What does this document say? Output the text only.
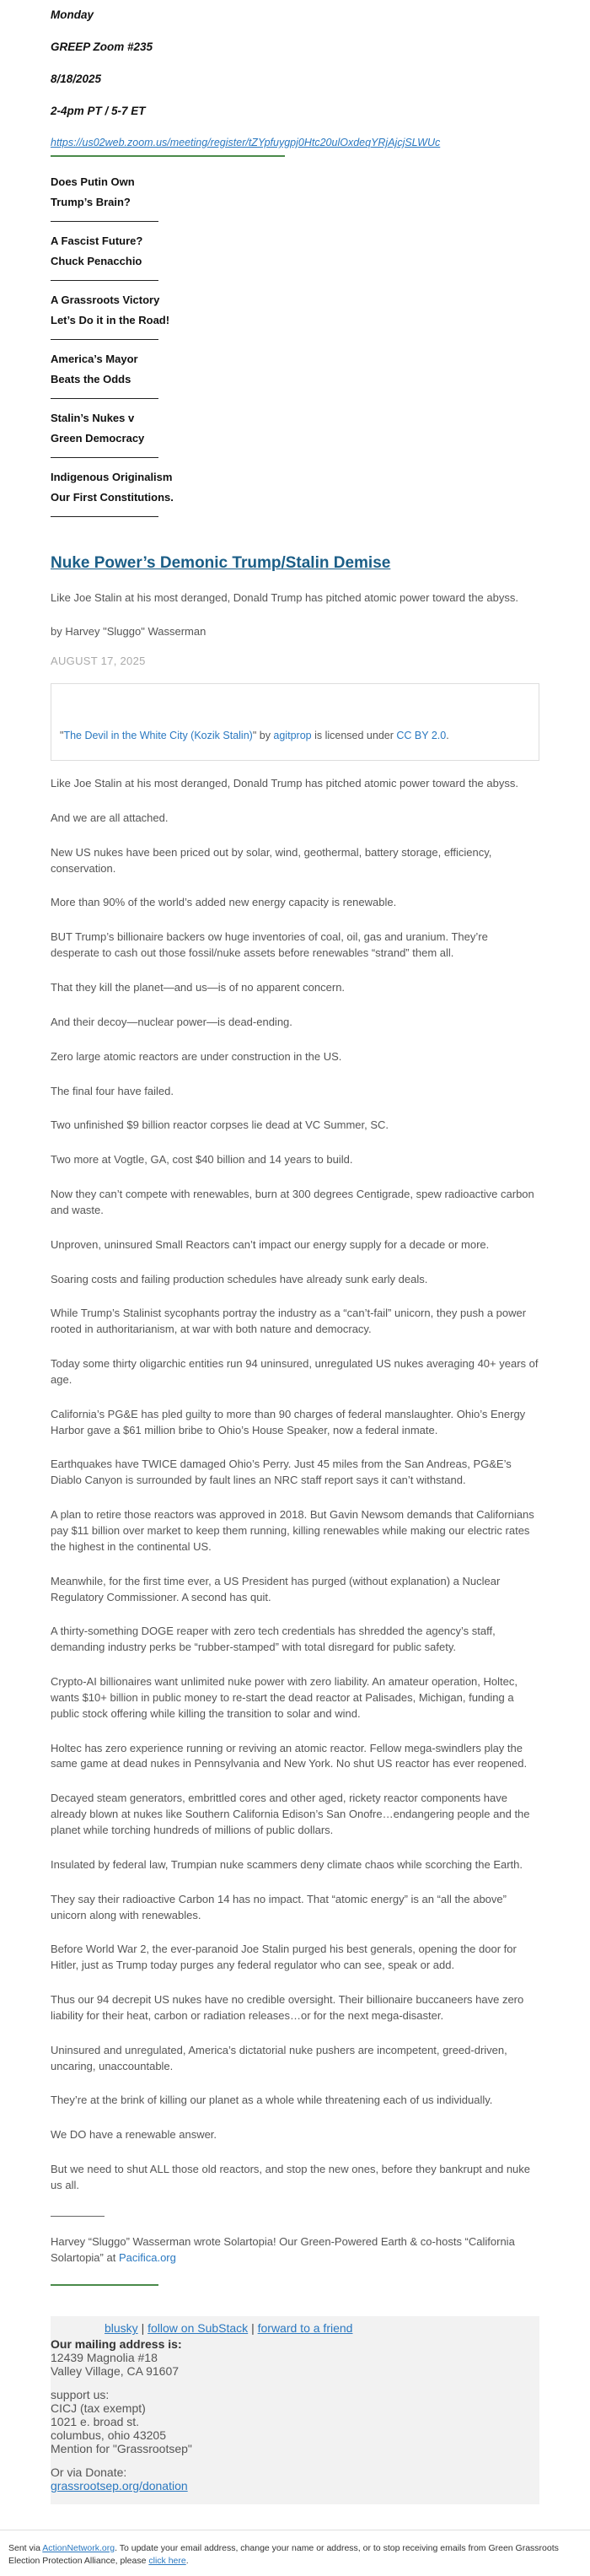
Monday

GREEP Zoom #235

8/18/2025

2-4pm PT / 5-7 ET

https://us02web.zoom.us/meeting/register/tZYpfuygpj0Htc20ulOxdeqYRjAjcjSLWUc
Does Putin Own
Trump’s Brain?
A Fascist Future?
Chuck Penacchio
A Grassroots Victory
Let’s Do it in the Road!
America’s Mayor
Beats the Odds
Stalin’s Nukes v
Green Democracy
Indigenous Originalism
Our First Constitutions.
Nuke Power’s Demonic Trump/Stalin Demise

Like Joe Stalin at his most deranged, Donald Trump has pitched atomic power toward the abyss.

by Harvey "Sluggo" Wasserman

AUGUST 17, 2025

"The Devil in the White City (Kozik Stalin)" by agitprop is licensed under CC BY 2.0.

Like Joe Stalin at his most deranged, Donald Trump has pitched atomic power toward the abyss.

And we are all attached.

New US nukes have been priced out by solar, wind, geothermal, battery storage, efficiency, conservation.

More than 90% of the world’s added new energy capacity is renewable.

BUT Trump’s billionaire backers ow huge inventories of coal, oil, gas and uranium. They’re desperate to cash out those fossil/nuke assets before renewables “strand” them all.

That they kill the planet—and us—is of no apparent concern.

And their decoy—nuclear power—is dead-ending.

Zero large atomic reactors are under construction in the US.

The final four have failed.

Two unfinished $9 billion reactor corpses lie dead at VC Summer, SC.

Two more at Vogtle, GA, cost $40 billion and 14 years to build.

Now they can’t compete with renewables, burn at 300 degrees Centigrade, spew radioactive carbon and waste.

Unproven, uninsured Small Reactors can’t impact our energy supply for a decade or more.

Soaring costs and failing production schedules have already sunk early deals.

While Trump’s Stalinist sycophants portray the industry as a “can’t-fail” unicorn, they push a power rooted in authoritarianism, at war with both nature and democracy.

Today some thirty oligarchic entities run 94 uninsured, unregulated US nukes averaging 40+ years of age.

California’s PG&E has pled guilty to more than 90 charges of federal manslaughter. Ohio’s Energy Harbor gave a $61 million bribe to Ohio’s House Speaker, now a federal inmate.

Earthquakes have TWICE damaged Ohio’s Perry. Just 45 miles from the San Andreas, PG&E’s Diablo Canyon is surrounded by fault lines an NRC staff report says it can’t withstand.

A plan to retire those reactors was approved in 2018. But Gavin Newsom demands that Californians pay $11 billion over market to keep them running, killing renewables while making our electric rates the highest in the continental US.

Meanwhile, for the first time ever, a US President has purged (without explanation) a Nuclear Regulatory Commissioner. A second has quit.

A thirty-something DOGE reaper with zero tech credentials has shredded the agency’s staff, demanding industry perks be “rubber-stamped” with total disregard for public safety.

Crypto-AI billionaires want unlimited nuke power with zero liability. An amateur operation, Holtec, wants $10+ billion in public money to re-start the dead reactor at Palisades, Michigan, funding a public stock offering while killing the transition to solar and wind.

Holtec has zero experience running or reviving an atomic reactor. Fellow mega-swindlers play the same game at dead nukes in Pennsylvania and New York. No shut US reactor has ever reopened.

Decayed steam generators, embrittled cores and other aged, rickety reactor components have already blown at nukes like Southern California Edison’s San Onofre…endangering people and the planet while torching hundreds of millions of public dollars.

Insulated by federal law, Trumpian nuke scammers deny climate chaos while scorching the Earth.

They say their radioactive Carbon 14 has no impact. That “atomic energy” is an “all the above” unicorn along with renewables.

Before World War 2, the ever-paranoid Joe Stalin purged his best generals, opening the door for Hitler, just as Trump today purges any federal regulator who can see, speak or add.

Thus our 94 decrepit US nukes have no credible oversight. Their billionaire buccaneers have zero liability for their heat, carbon or radiation releases…or for the next mega-disaster.

Uninsured and unregulated, America’s dictatorial nuke pushers are incompetent, greed-driven, uncaring, unaccountable.

They’re at the brink of killing our planet as a whole while threatening each of us individually.

We DO have a renewable answer.

But we need to shut ALL those old reactors, and stop the new ones, before they bankrupt and nuke us all.

Harvey “Sluggo” Wasserman wrote Solartopia! Our Green-Powered Earth & co-hosts “California Solartopia” at Pacifica.org

blusky | follow on SubStack | forward to a friend
Our mailing address is:
12439 Magnolia #18
Valley Village, CA 91607
support us:
CICJ (tax exempt)
1021 e. broad st.
columbus, ohio 43205
Mention for "Grassrootsep"
Or via Donate:
grassrootsep.org/donation
Sent via ActionNetwork.org. To update your email address, change your name or address, or to stop receiving emails from Green Grassroots Election Protection Alliance, please click here.
